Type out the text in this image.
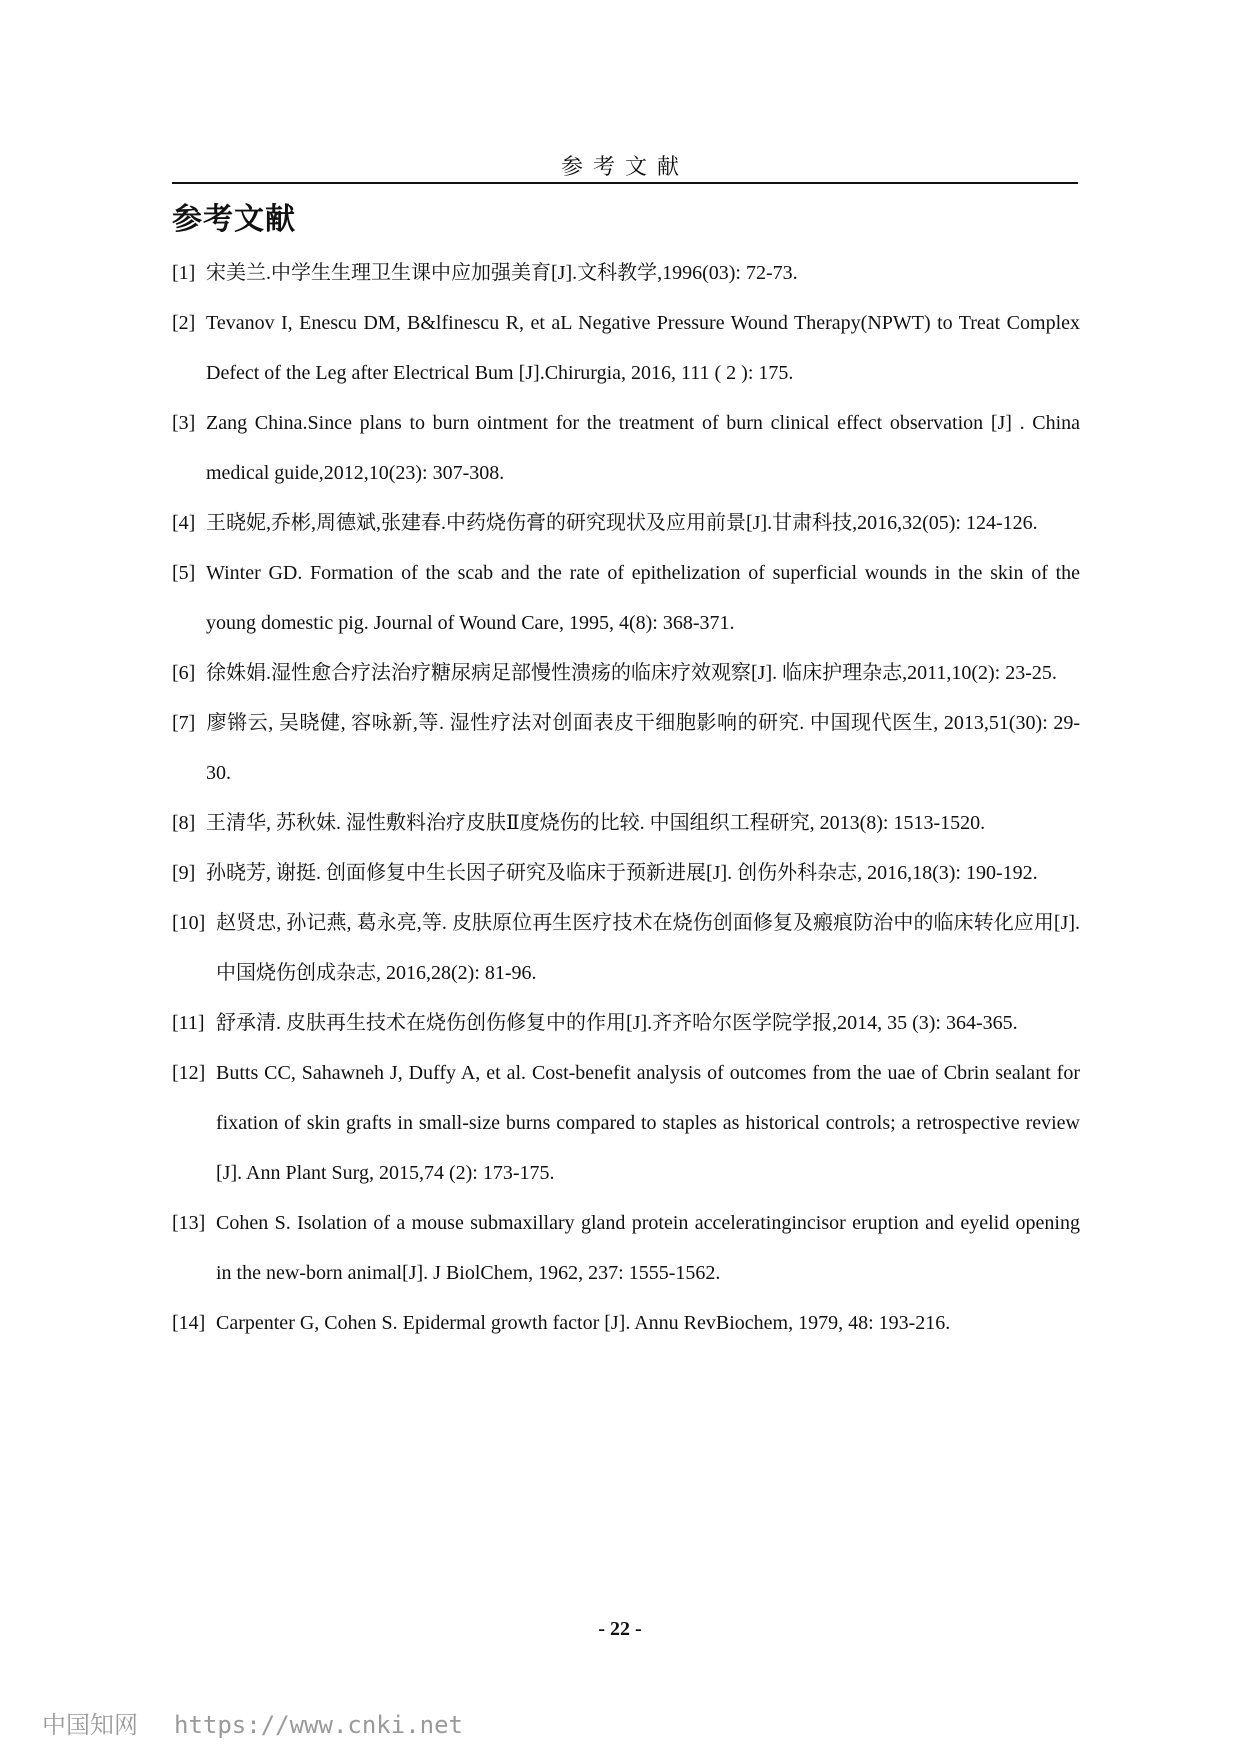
参考文献
参考文献
[1] 宋美兰.中学生生理卫生课中应加强美育[J].文科教学,1996(03): 72-73.
[2] Tevanov I, Enescu DM, B&lfinescu R, et aL Negative Pressure Wound Therapy(NPWT) to Treat Complex Defect of the Leg after Electrical Bum [J].Chirurgia, 2016, 111 ( 2 ): 175.
[3] Zang China.Since plans to burn ointment for the treatment of burn clinical effect observation [J] . China medical guide,2012,10(23): 307-308.
[4] 王晓妮,乔彬,周德斌,张建春.中药烧伤膏的研究现状及应用前景[J].甘肃科技,2016,32(05): 124-126.
[5] Winter GD. Formation of the scab and the rate of epithelization of superficial wounds in the skin of the young domestic pig. Journal of Wound Care, 1995, 4(8): 368-371.
[6] 徐姝娟.湿性愈合疗法治疗糖尿病足部慢性溃疡的临床疗效观察[J]. 临床护理杂志,2011,10(2): 23-25.
[7] 廖锵云, 吴晓健, 容咏新,等. 湿性疗法对创面表皮干细胞影响的研究. 中国现代医生, 2013,51(30): 29-30.
[8] 王清华, 苏秋妹. 湿性敷料治疗皮肤Ⅱ度烧伤的比较. 中国组织工程研究, 2013(8): 1513-1520.
[9] 孙晓芳, 谢挺. 创面修复中生长因子研究及临床于预新进展[J]. 创伤外科杂志, 2016,18(3): 190-192.
[10] 赵贤忠, 孙记燕, 葛永亮,等. 皮肤原位再生医疗技术在烧伤创面修复及瘢痕防治中的临床转化应用[J]. 中国烧伤创成杂志, 2016,28(2): 81-96.
[11] 舒承清. 皮肤再生技术在烧伤创伤修复中的作用[J].齐齐哈尔医学院学报,2014, 35 (3): 364-365.
[12] Butts CC, Sahawneh J, Duffy A, et al. Cost-benefit analysis of outcomes from the uae of Cbrin sealant for fixation of skin grafts in small-size burns compared to staples as historical controls; a retrospective review [J]. Ann Plant Surg, 2015,74 (2): 173-175.
[13] Cohen S. Isolation of a mouse submaxillary gland protein acceleratingincisor eruption and eyelid opening in the new-born animal[J]. J BiolChem, 1962, 237: 1555-1562.
[14] Carpenter G, Cohen S. Epidermal growth factor [J]. Annu RevBiochem, 1979, 48: 193-216.
- 22 -
中国知网 https://www.cnki.net
